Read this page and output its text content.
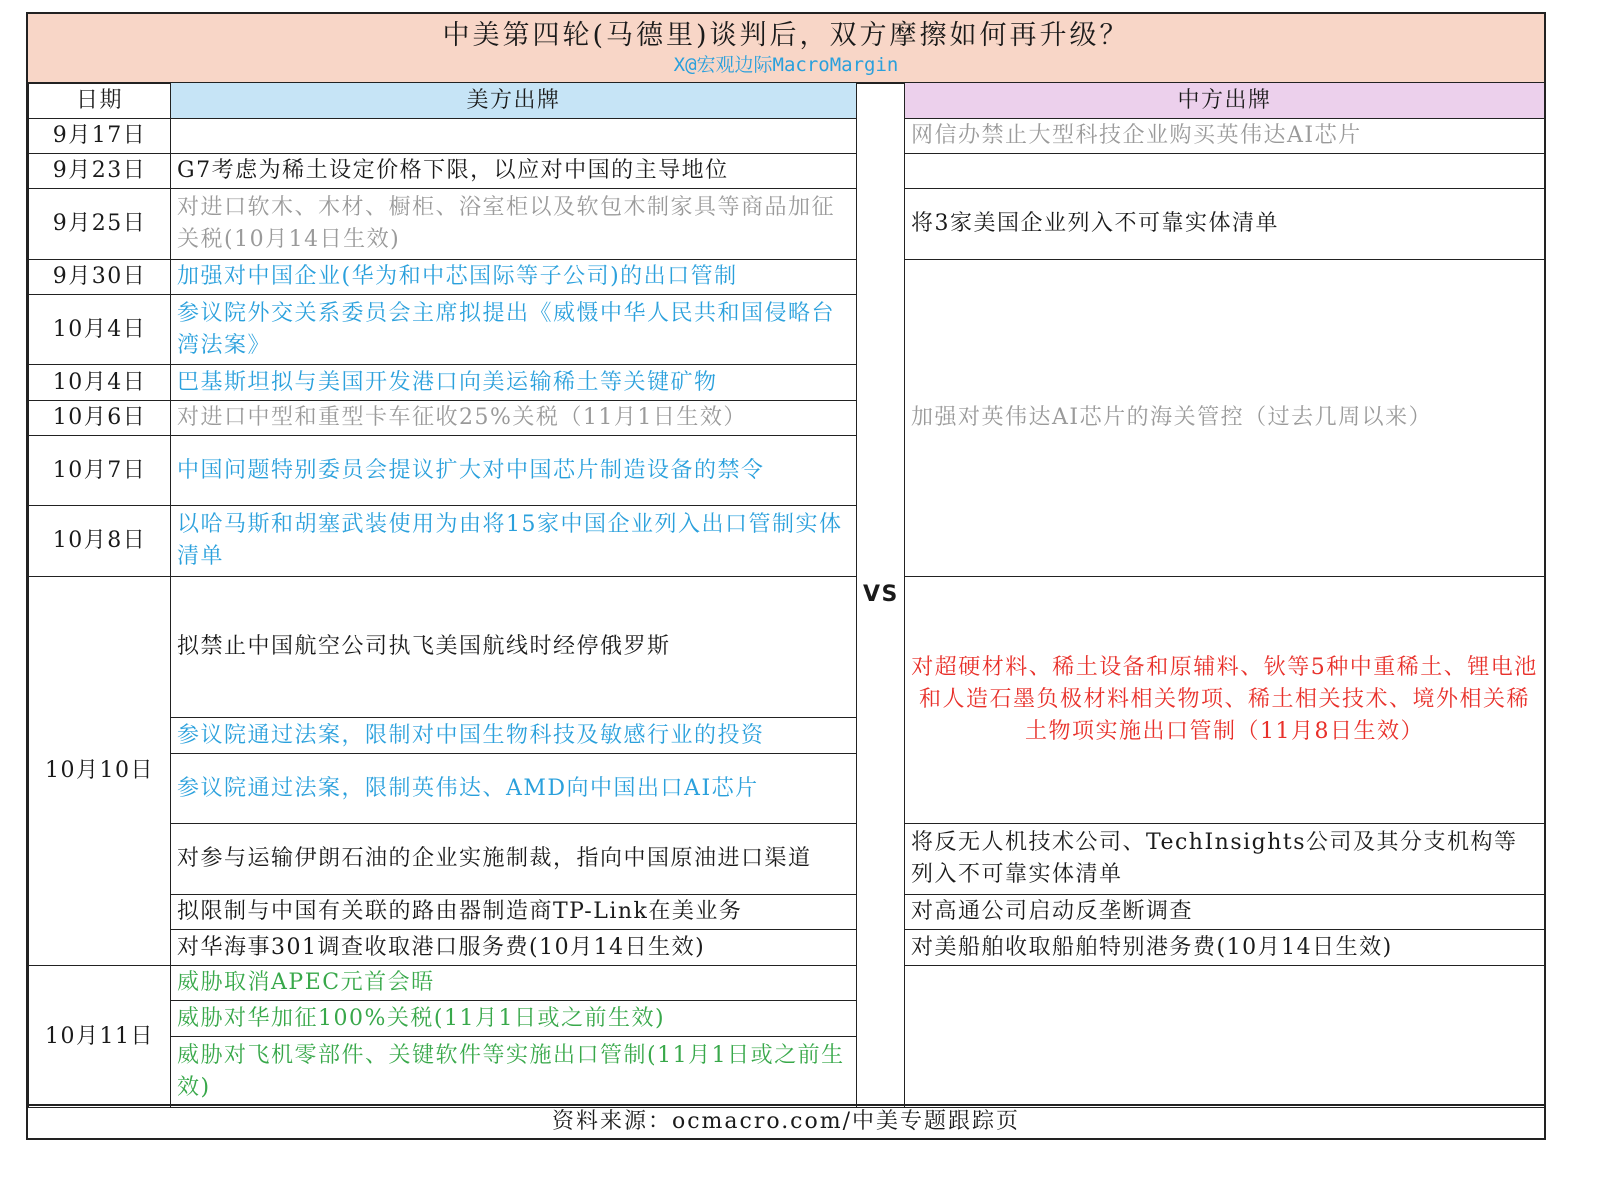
中美第四轮(马德里)谈判后，双方摩擦如何再升级？
X@宏观边际MacroMargin
日期	美方出牌	VS	中方出牌
9月17日			网信办禁止大型科技企业购买英伟达AI芯片
9月23日	G7考虑为稀土设定价格下限，以应对中国的主导地位		
9月25日	对进口软木、木材、橱柜、浴室柜以及软包木制家具等商品加征关税(10月14日生效)		将3家美国企业列入不可靠实体清单
9月30日	加强对中国企业(华为和中芯国际等子公司)的出口管制		加强对英伟达AI芯片的海关管控（过去几周以来）
10月4日	参议院外交关系委员会主席拟提出《威慑中华人民共和国侵略台湾法案》		
10月4日	巴基斯坦拟与美国开发港口向美运输稀土等关键矿物		
10月6日	对进口中型和重型卡车征收25%关税（11月1日生效）		
10月7日	中国问题特别委员会提议扩大对中国芯片制造设备的禁令		
10月8日	以哈马斯和胡塞武装使用为由将15家中国企业列入出口管制实体清单		
10月10日	拟禁止中国航空公司执飞美国航线时经停俄罗斯		对超硬材料、稀土设备和原辅料、钬等5种中重稀土、锂电池和人造石墨负极材料相关物项、稀土相关技术、境外相关稀土物项实施出口管制（11月8日生效）
	参议院通过法案，限制对中国生物科技及敏感行业的投资		
	参议院通过法案，限制英伟达、AMD向中国出口AI芯片		
	对参与运输伊朗石油的企业实施制裁，指向中国原油进口渠道		将反无人机技术公司、TechInsights公司及其分支机构等列入不可靠实体清单
	拟限制与中国有关联的路由器制造商TP-Link在美业务		对高通公司启动反垄断调查
	对华海事301调查收取港口服务费(10月14日生效)		对美船舶收取船舶特别港务费(10月14日生效)
10月11日	威胁取消APEC元首会晤		
	威胁对华加征100%关税(11月1日或之前生效)		
	威胁对飞机零部件、关键软件等实施出口管制(11月1日或之前生效)		
资料来源：ocmacro.com/中美专题跟踪页
